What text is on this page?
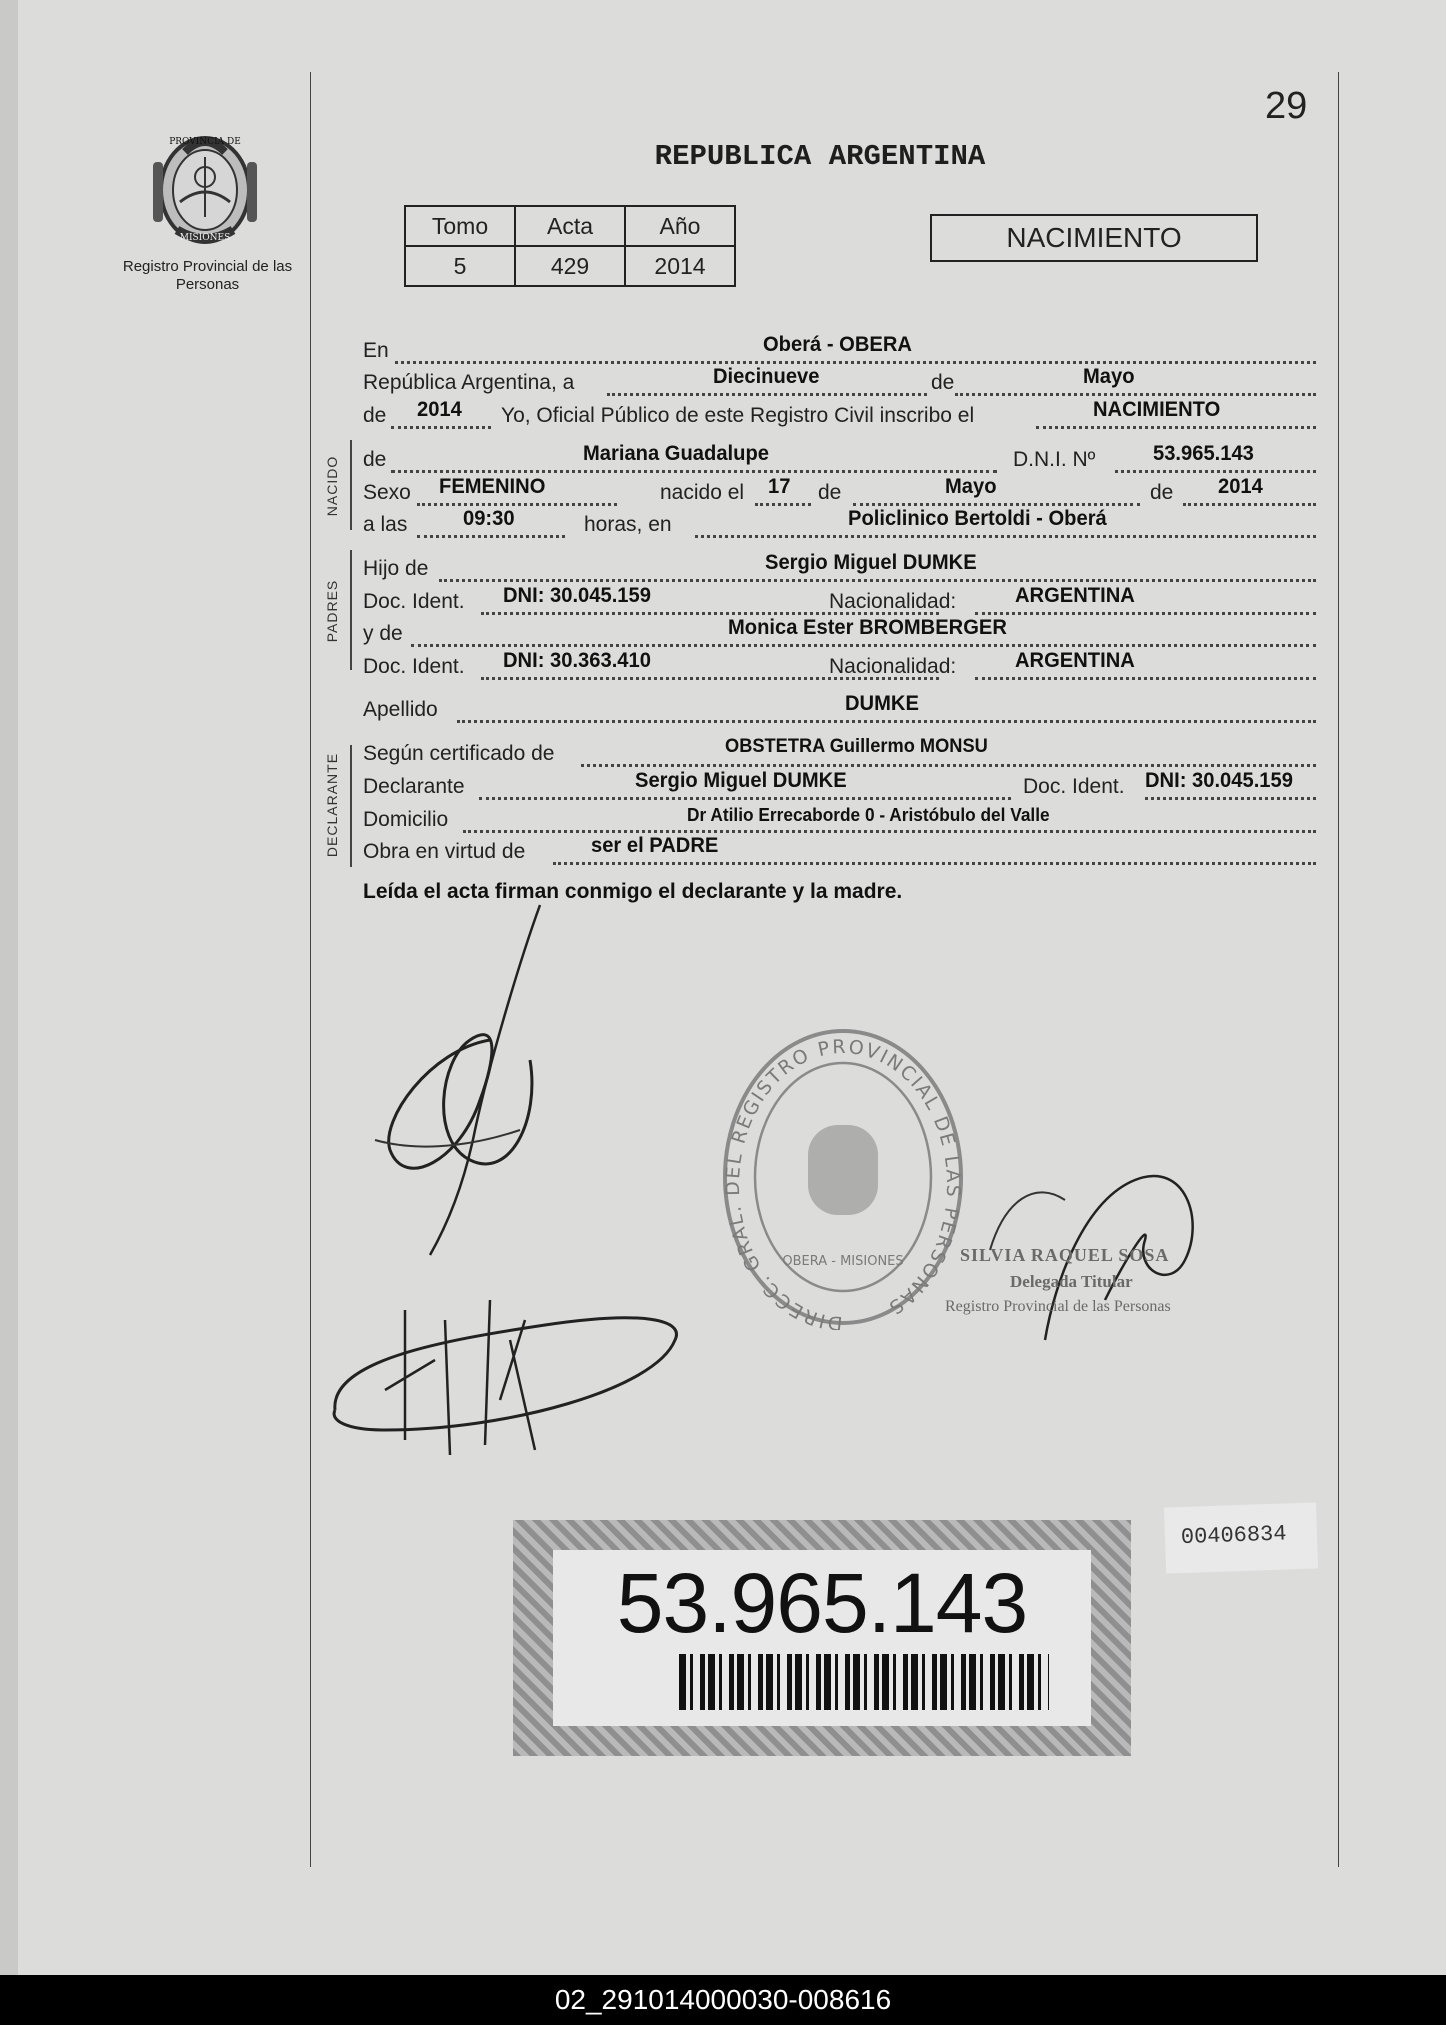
PROVINCIA DE
MISIONES
Registro Provincial de las Personas
29
REPUBLICA ARGENTINA
Tomo	Acta	Año
5	429	2014
NACIMIENTO
En	Oberá - OBERA
República Argentina, a	Diecinueve	de	Mayo
de 2014 Yo, Oficial Público de este Registro Civil inscribo el	NACIMIENTO
NACIDO de	Mariana Guadalupe	D.N.I. Nº	53.965.143
Sexo FEMENINO	nacido el 17 de	Mayo	de 2014
a las	09:30	horas, en	Policlinico Bertoldi - Oberá
PADRES
Hijo de	Sergio Miguel DUMKE
Doc. Ident. DNI: 30.045.159	Nacionalidad:	ARGENTINA
y de	Monica Ester BROMBERGER
Doc. Ident. DNI: 30.363.410	Nacionalidad:	ARGENTINA
Apellido	DUMKE
DECLARANTE Según certificado de	OBSTETRA Guillermo MONSU
Declarante	Sergio Miguel DUMKE	Doc. Ident. DNI: 30.045.159
Domicilio	Dr Atilio Errecaborde 0 - Aristóbulo del Valle
Obra en virtud de	ser el PADRE
Leída el acta firman conmigo el declarante y la madre.
DIRECC. GRAL. DEL REGISTRO PROVINCIAL DE LAS PERSONAS
OBERA - MISIONES	SILVIA RAQUEL SOSA
Delegada Titular
Registro Provincial de las Personas
53.965.143
00406834
02_291014000030-008616
